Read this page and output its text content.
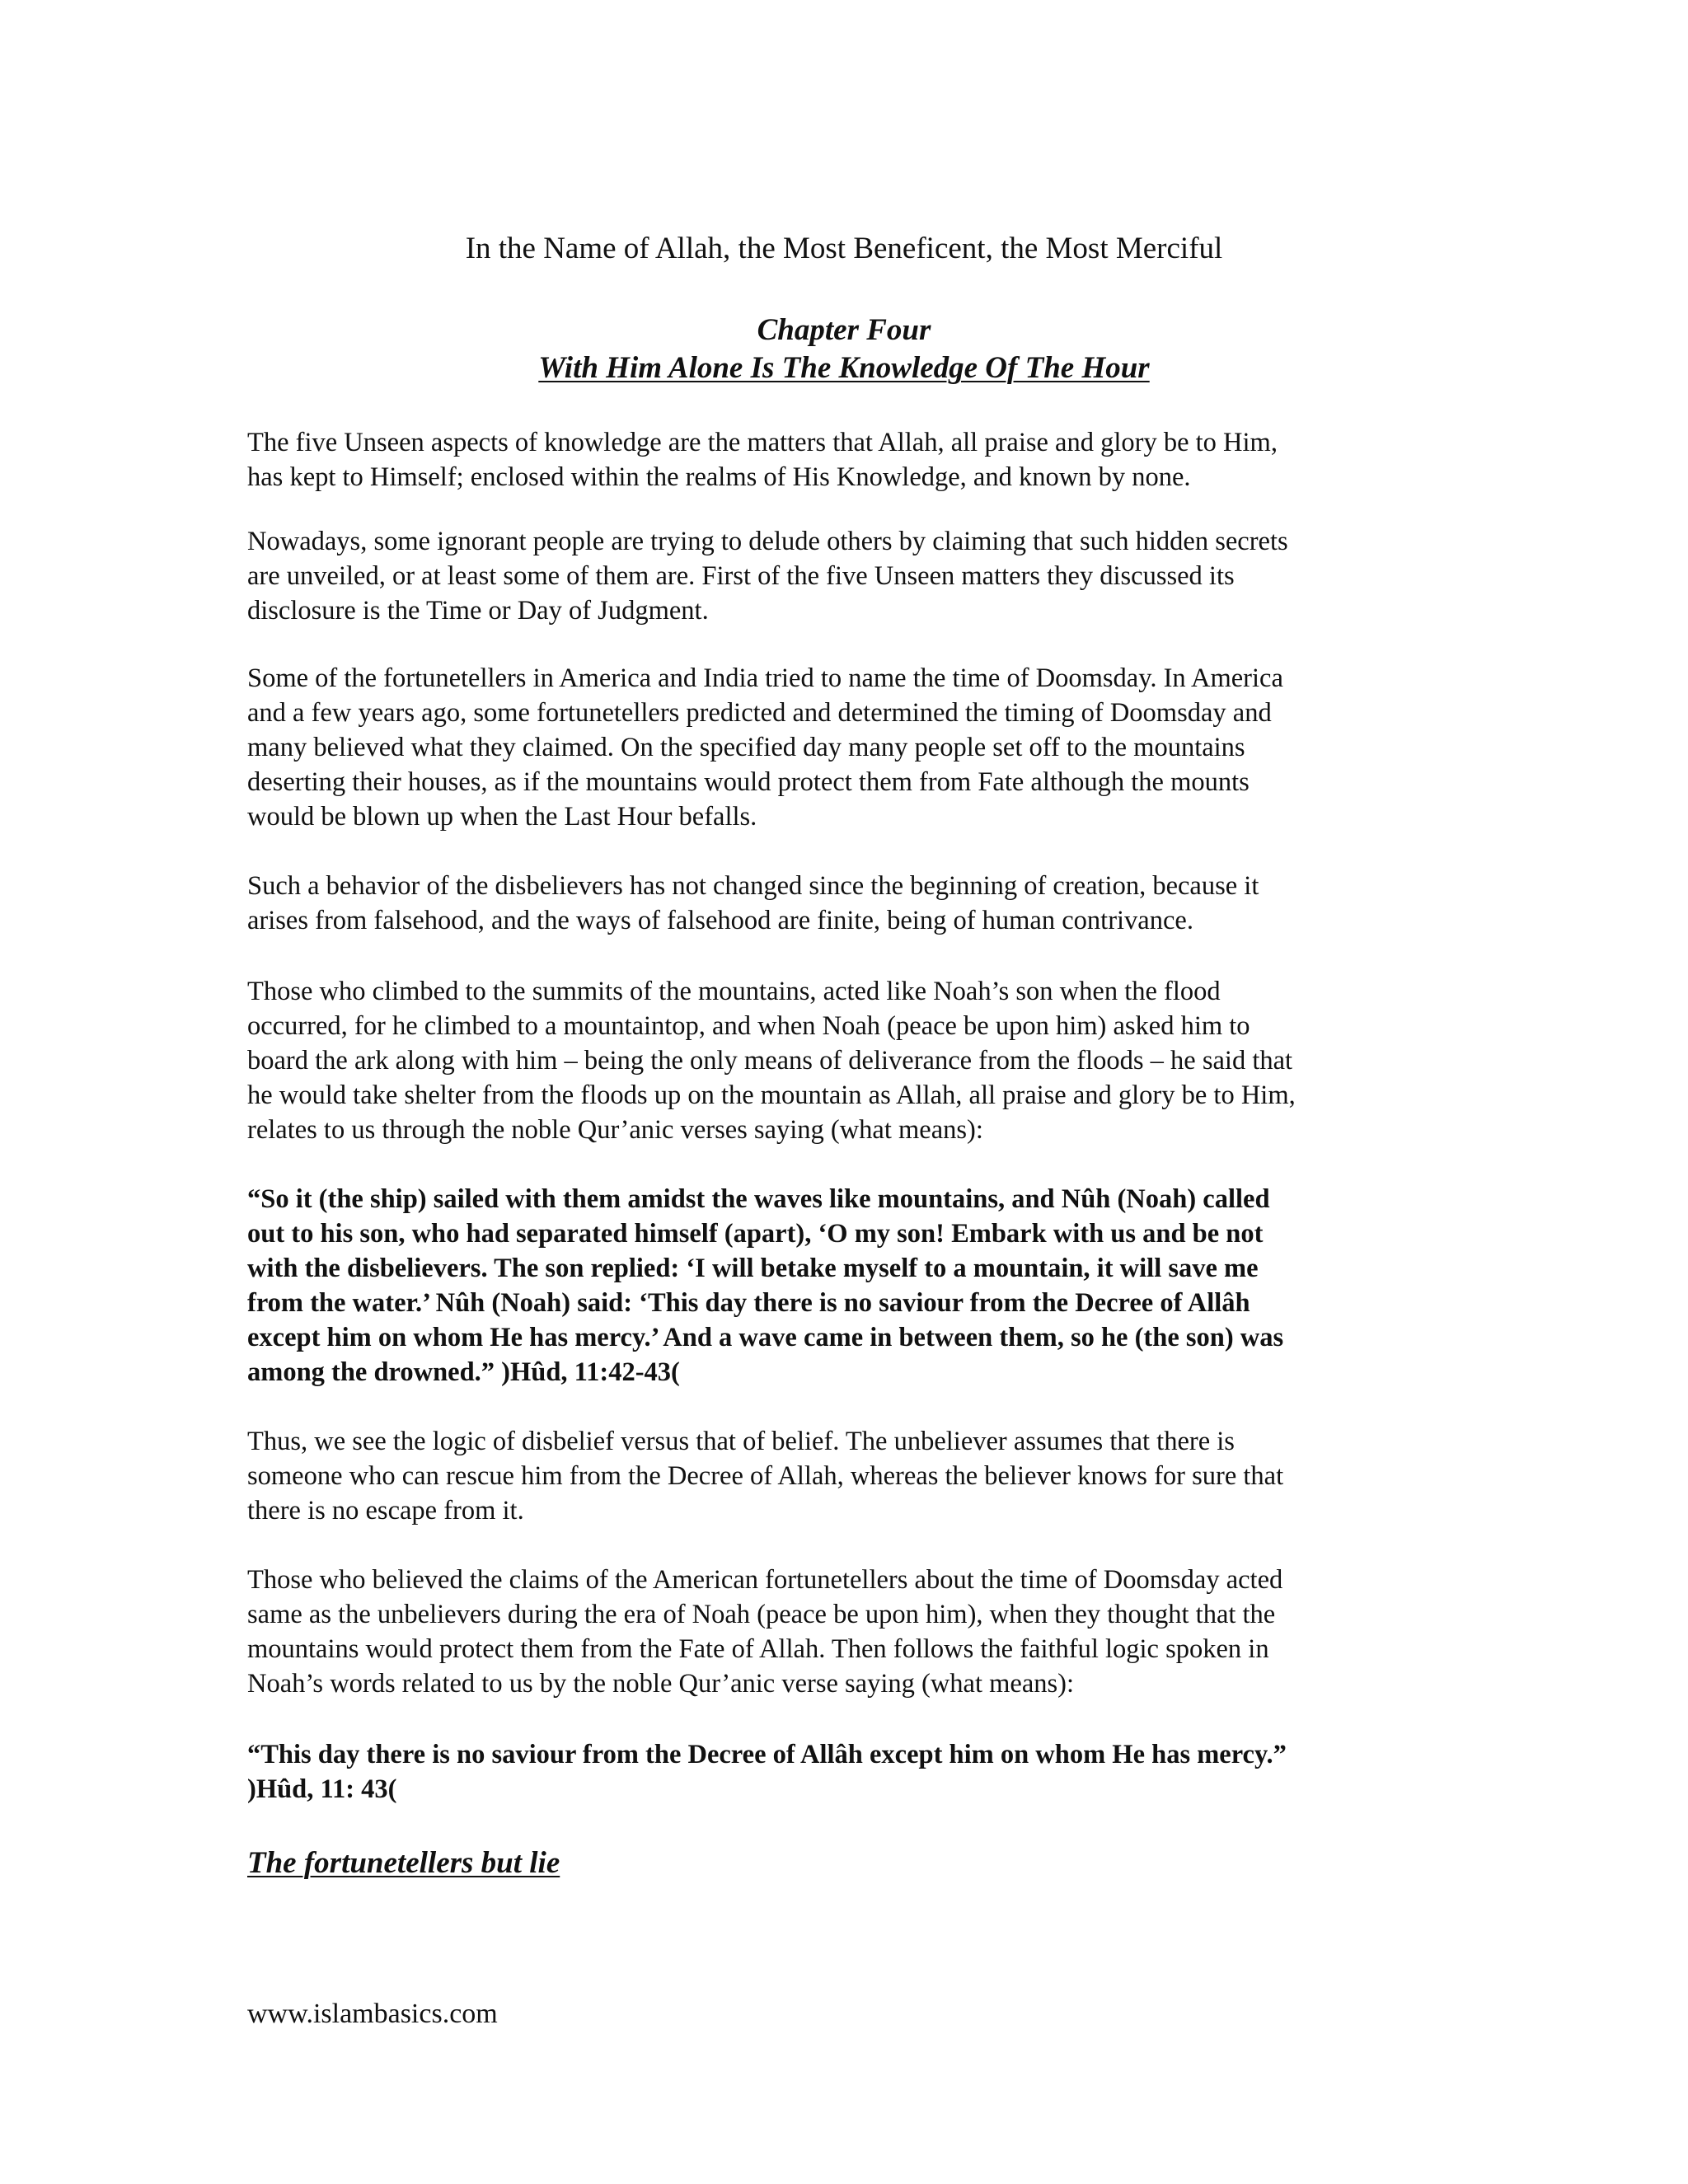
In the Name of Allah, the Most Beneficent, the Most Merciful

Chapter Four

With Him Alone Is The Knowledge Of The Hour

The five Unseen aspects of knowledge are the matters that Allah, all praise and glory be to Him,
has kept to Himself; enclosed within the realms of His Knowledge, and known by none.

Nowadays, some ignorant people are trying to delude others by claiming that such hidden secrets
are unveiled, or at least some of them are. First of the five Unseen matters they discussed its
disclosure is the Time or Day of Judgment.

Some of the fortunetellers in America and India tried to name the time of Doomsday. In America
and a few years ago, some fortunetellers predicted and determined the timing of Doomsday and
many believed what they claimed. On the specified day many people set off to the mountains
deserting their houses, as if the mountains would protect them from Fate although the mounts
would be blown up when the Last Hour befalls.

Such a behavior of the disbelievers has not changed since the beginning of creation, because it
arises from falsehood, and the ways of falsehood are finite, being of human contrivance.

Those who climbed to the summits of the mountains, acted like Noah’s son when the flood
occurred, for he climbed to a mountaintop, and when Noah (peace be upon him) asked him to
board the ark along with him – being the only means of deliverance from the floods – he said that
he would take shelter from the floods up on the mountain as Allah, all praise and glory be to Him,
relates to us through the noble Qur’anic verses saying (what means):

“So it (the ship) sailed with them amidst the waves like mountains, and Nûh (Noah) called
out to his son, who had separated himself (apart), ‘O my son! Embark with us and be not
with the disbelievers. The son replied: ‘I will betake myself to a mountain, it will save me
from the water.’ Nûh (Noah) said: ‘This day there is no saviour from the Decree of Allâh
except him on whom He has mercy.’ And a wave came in between them, so he (the son) was
among the drowned.” )Hûd, 11:42-43(

Thus, we see the logic of disbelief versus that of belief. The unbeliever assumes that there is
someone who can rescue him from the Decree of Allah, whereas the believer knows for sure that
there is no escape from it.

Those who believed the claims of the American fortunetellers about the time of Doomsday acted
same as the unbelievers during the era of Noah (peace be upon him), when they thought that the
mountains would protect them from the Fate of Allah. Then follows the faithful logic spoken in
Noah’s words related to us by the noble Qur’anic verse saying (what means):

“This day there is no saviour from the Decree of Allâh except him on whom He has mercy.”
)Hûd, 11: 43(

The fortunetellers but lie

www.islambasics.com
